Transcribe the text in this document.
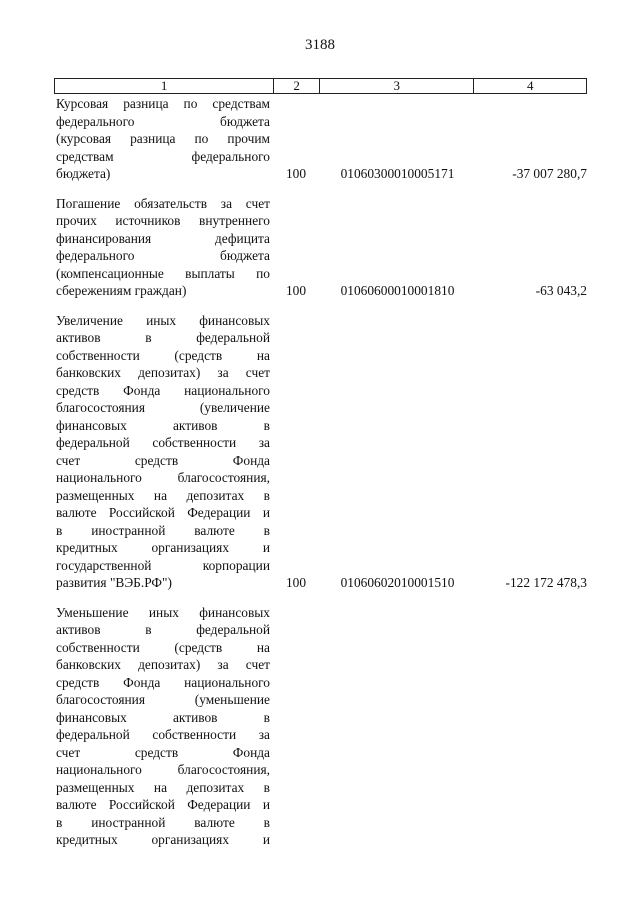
3188
1	2	3	4
Курсовая разница по средствам
федерального бюджета
(курсовая разница по прочим
средствам федерального
бюджета)	100	01060300010005171	-37 007 280,7
Погашение обязательств за счет
прочих источников внутреннего
финансирования дефицита
федерального бюджета
(компенсационные выплаты по
сбережениям граждан)	100	01060600010001810	-63 043,2
Увеличение иных финансовых
активов в федеральной
собственности (средств на
банковских депозитах) за счет
средств Фонда национального
благосостояния (увеличение
финансовых активов в
федеральной собственности за
счет средств Фонда
национального благосостояния,
размещенных на депозитах в
валюте Российской Федерации и
в иностранной валюте в
кредитных организациях и
государственной корпорации
развития "ВЭБ.РФ")	100	01060602010001510	-122 172 478,3
Уменьшение иных финансовых
активов в федеральной
собственности (средств на
банковских депозитах) за счет
средств Фонда национального
благосостояния (уменьшение
финансовых активов в
федеральной собственности за
счет средств Фонда
национального благосостояния,
размещенных на депозитах в
валюте Российской Федерации и
в иностранной валюте в
кредитных организациях и
